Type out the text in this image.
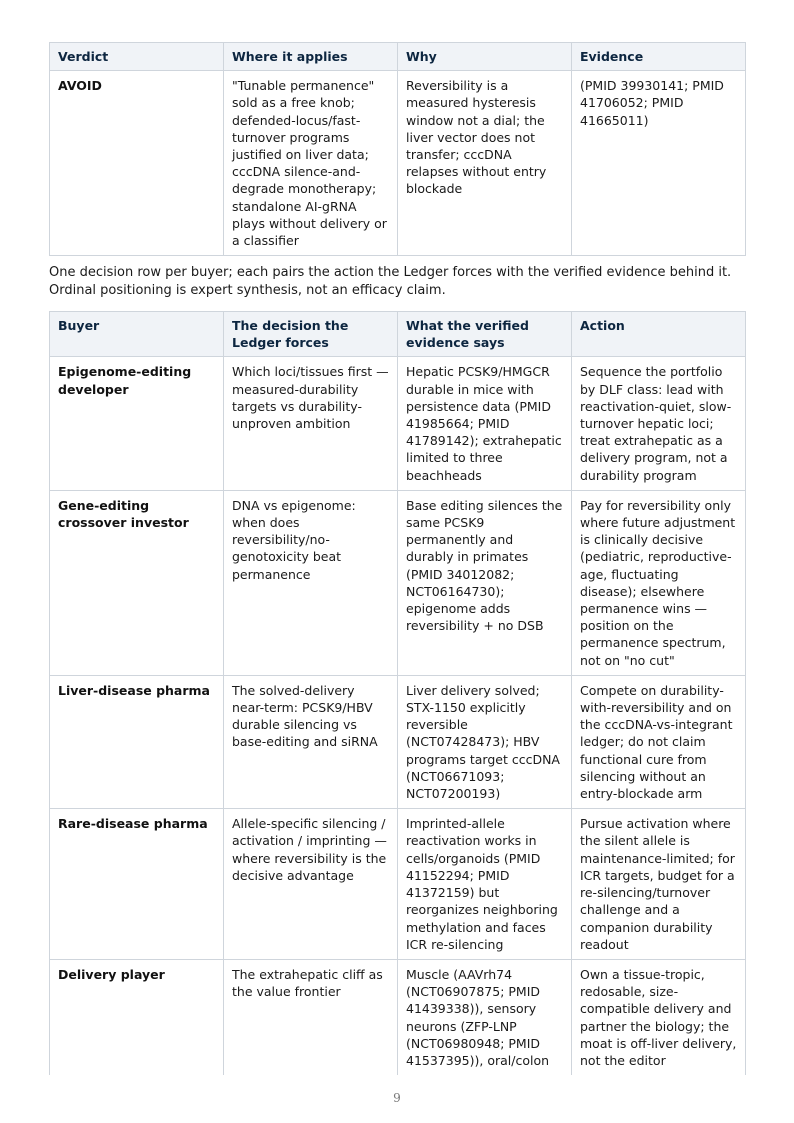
Verdict	Where it applies	Why	Evidence
AVOID	"Tunable permanence" sold as a free knob; defended-locus/fast-turnover programs justified on liver data; cccDNA silence-and-degrade monotherapy; standalone AI-gRNA plays without delivery or a classifier	Reversibility is a measured hysteresis window not a dial; the liver vector does not transfer; cccDNA relapses without entry blockade	(PMID 39930141; PMID 41706052; PMID 41665011)

One decision row per buyer; each pairs the action the Ledger forces with the verified evidence behind it. Ordinal positioning is expert synthesis, not an efficacy claim.

Buyer	The decision the Ledger forces	What the verified evidence says	Action
Epigenome-editing developer	Which loci/tissues first — measured-durability targets vs durability-unproven ambition	Hepatic PCSK9/HMGCR durable in mice with persistence data (PMID 41985664; PMID 41789142); extrahepatic limited to three beachheads	Sequence the portfolio by DLF class: lead with reactivation-quiet, slow-turnover hepatic loci; treat extrahepatic as a delivery program, not a durability program
Gene-editing crossover investor	DNA vs epigenome: when does reversibility/no-genotoxicity beat permanence	Base editing silences the same PCSK9 permanently and durably in primates (PMID 34012082; NCT06164730); epigenome adds reversibility + no DSB	Pay for reversibility only where future adjustment is clinically decisive (pediatric, reproductive-age, fluctuating disease); elsewhere permanence wins — position on the permanence spectrum, not on "no cut"
Liver-disease pharma	The solved-delivery near-term: PCSK9/HBV durable silencing vs base-editing and siRNA	Liver delivery solved; STX-1150 explicitly reversible (NCT07428473); HBV programs target cccDNA (NCT06671093; NCT07200193)	Compete on durability-with-reversibility and on the cccDNA-vs-integrant ledger; do not claim functional cure from silencing without an entry-blockade arm
Rare-disease pharma	Allele-specific silencing / activation / imprinting — where reversibility is the decisive advantage	Imprinted-allele reactivation works in cells/organoids (PMID 41152294; PMID 41372159) but reorganizes neighboring methylation and faces ICR re-silencing	Pursue activation where the silent allele is maintenance-limited; for ICR targets, budget for a re-silencing/turnover challenge and a companion durability readout
Delivery player	The extrahepatic cliff as the value frontier	Muscle (AAVrh74 (NCT06907875; PMID 41439338)), sensory neurons (ZFP-LNP (NCT06980948; PMID 41537395)), oral/colon	Own a tissue-tropic, redosable, size-compatible delivery and partner the biology; the moat is off-liver delivery, not the editor
9
